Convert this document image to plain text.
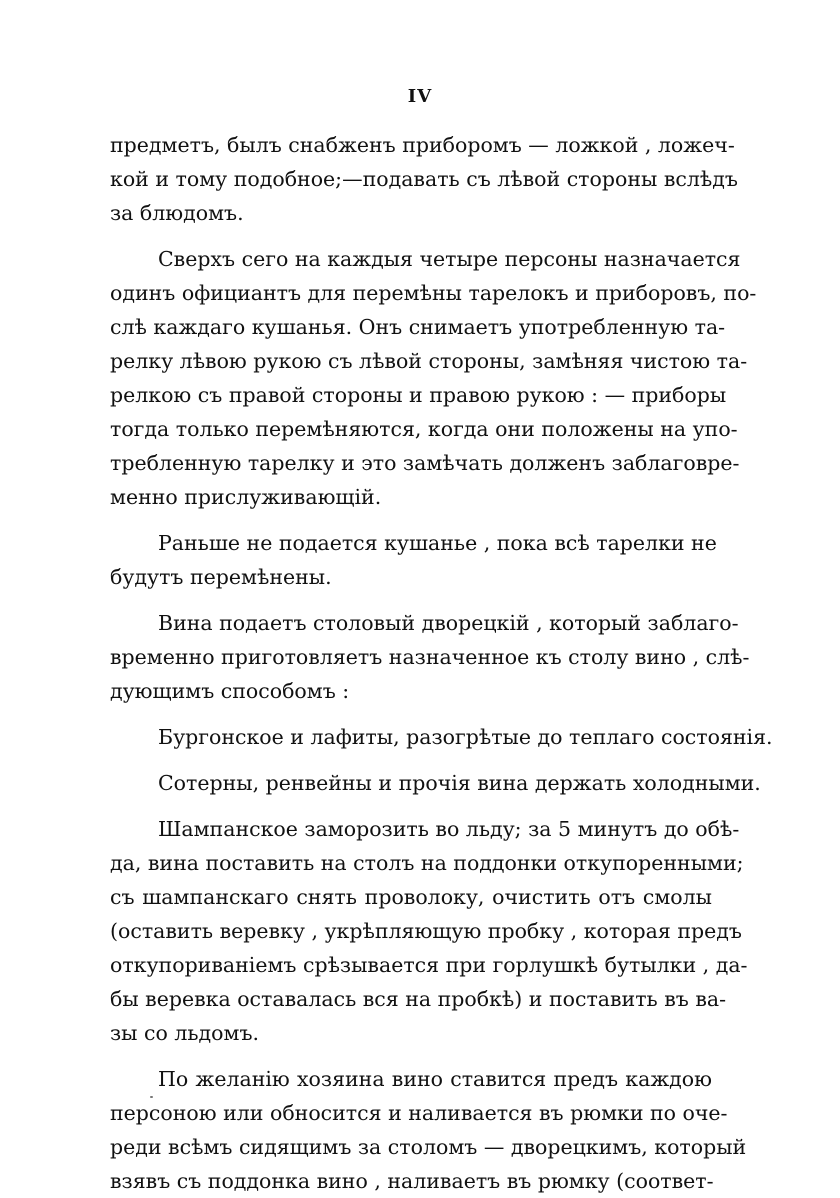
IV
предметъ, былъ снабженъ приборомъ — ложкой , ложеч-
кой и тому подобное;—подавать съ лѣвой стороны вслѣдъ
за блюдомъ.
Сверхъ сего на каждыя четыре персоны назначается
одинъ официантъ для перемѣны тарелокъ и приборовъ, по-
слѣ каждаго кушанья. Онъ снимаетъ употребленную та-
релку лѣвою рукою съ лѣвой стороны, замѣняя чистою та-
релкою съ правой стороны и правою рукою : — приборы
тогда только перемѣняются, когда они положены на упо-
требленную тарелку и это замѣчать долженъ заблаговре-
менно прислуживающій.
Раньше не подается кушанье , пока всѣ тарелки не
будутъ перемѣнены.
Вина подаетъ столовый дворецкій , который заблаго-
временно приготовляетъ назначенное къ столу вино , слѣ-
дующимъ способомъ :
Бургонское и лафиты, разогрѣтые до теплаго состоянія.
Сотерны, ренвейны и прочія вина держать холодными.
Шампанское заморозить во льду; за 5 минутъ до обѣ-
да, вина поставить на столъ на поддонки откупоренными;
съ шампанскаго снять проволоку, очистить отъ смолы
(оставить веревку , укрѣпляющую пробку , которая предъ
откупориваніемъ срѣзывается при горлушкѣ бутылки , да-
бы веревка оставалась вся на пробкѣ) и поставить въ ва-
зы со льдомъ.
По желанію хозяина вино ставится предъ каждою
персоною или обносится и наливается въ рюмки по оче-
реди всѣмъ сидящимъ за столомъ — дворецкимъ, который
взявъ съ поддонка вино , наливаетъ въ рюмку (соответ-
